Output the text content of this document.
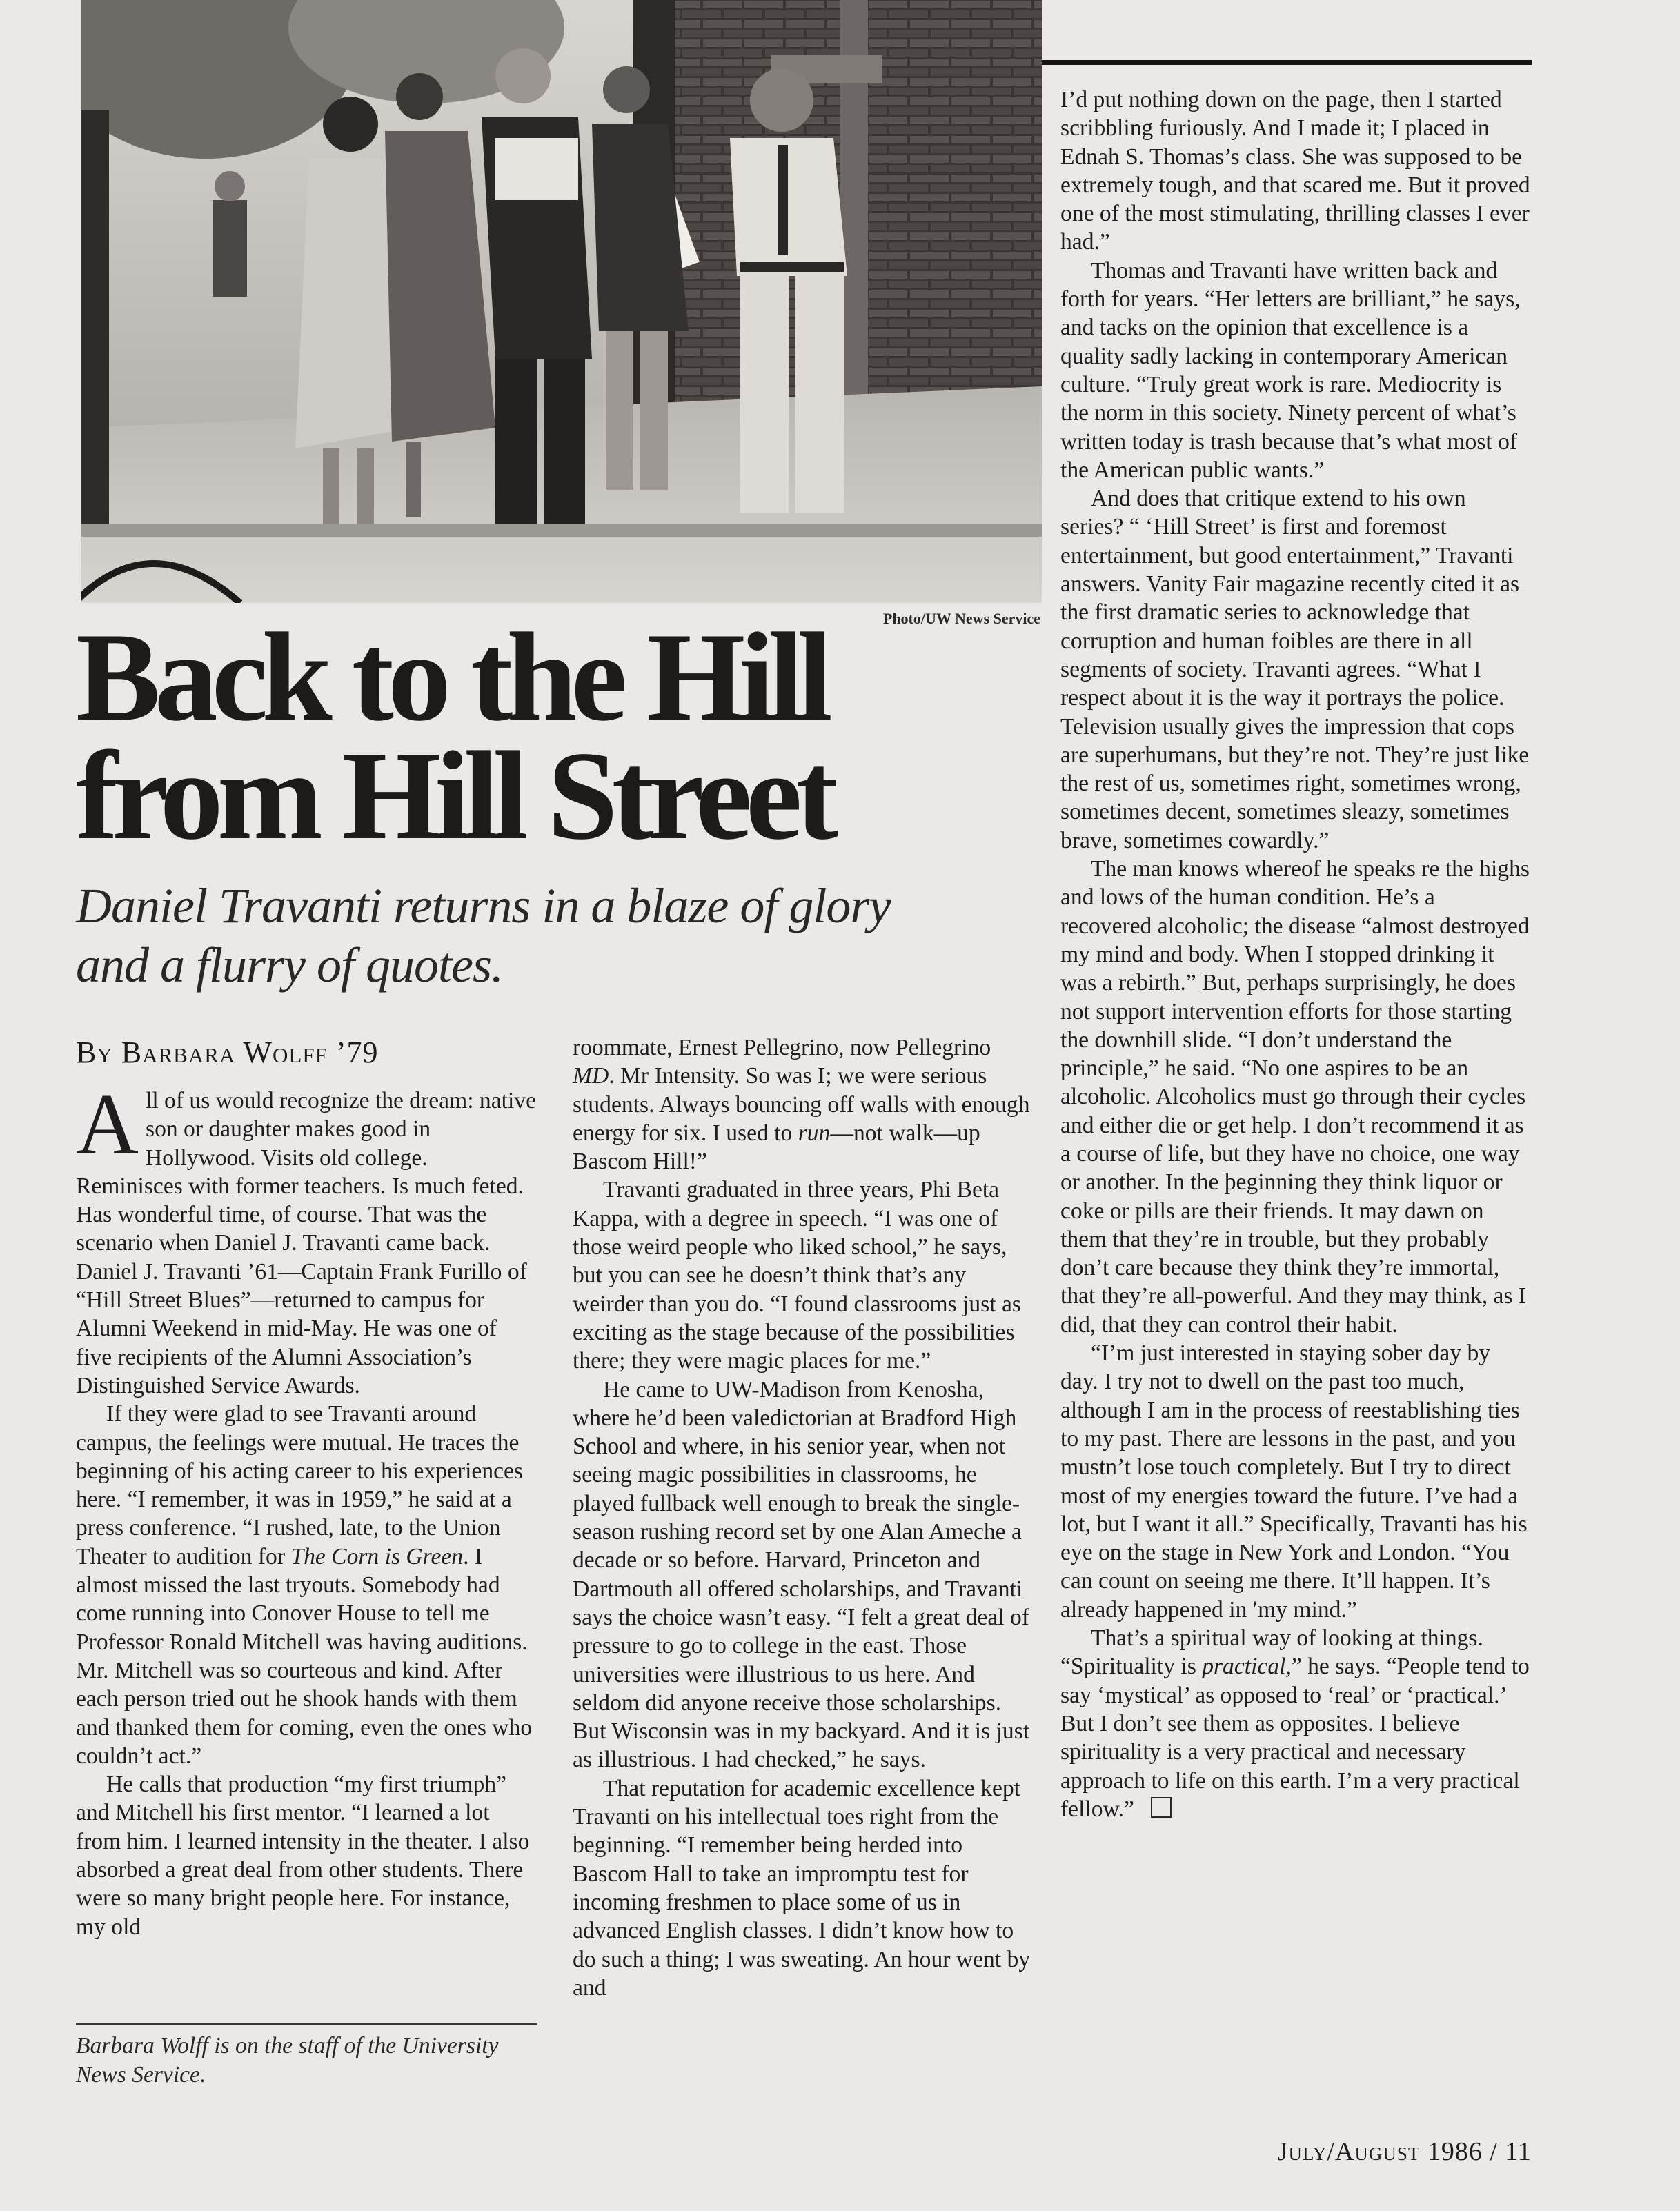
Photo/UW News Service
Back to the Hill
from Hill Street
Daniel Travanti returns in a blaze of glory
and a flurry of quotes.
By Barbara Wolff ’79

All of us would recognize the dream: native son or daughter makes good in Hollywood. Visits old college. Reminisces with former teachers. Is much feted. Has wonderful time, of course. That was the scenario when Daniel J. Travanti came back. Daniel J. Travanti ’61—Captain Frank Furillo of “Hill Street Blues”—returned to campus for Alumni Weekend in mid-May. He was one of five recipients of the Alumni Association’s Distinguished Service Awards.

If they were glad to see Travanti around campus, the feelings were mutual. He traces the beginning of his acting career to his experiences here. “I remember, it was in 1959,” he said at a press conference. “I rushed, late, to the Union Theater to audition for The Corn is Green. I almost missed the last tryouts. Somebody had come running into Conover House to tell me Professor Ronald Mitchell was having auditions. Mr. Mitchell was so courteous and kind. After each person tried out he shook hands with them and thanked them for coming, even the ones who couldn’t act.”

He calls that production “my first triumph” and Mitchell his first mentor. “I learned a lot from him. I learned intensity in the theater. I also absorbed a great deal from other students. There were so many bright people here. For instance, my old

Barbara Wolff is on the staff of the University News Service.

roommate, Ernest Pellegrino, now Pellegrino MD. Mr Intensity. So was I; we were serious students. Always bouncing off walls with enough energy for six. I used to run—not walk—up Bascom Hill!”

Travanti graduated in three years, Phi Beta Kappa, with a degree in speech. “I was one of those weird people who liked school,” he says, but you can see he doesn’t think that’s any weirder than you do. “I found classrooms just as exciting as the stage because of the possibilities there; they were magic places for me.”

He came to UW-Madison from Kenosha, where he’d been valedictorian at Bradford High School and where, in his senior year, when not seeing magic possibilities in classrooms, he played fullback well enough to break the single-season rushing record set by one Alan Ameche a decade or so before. Harvard, Princeton and Dartmouth all offered scholarships, and Travanti says the choice wasn’t easy. “I felt a great deal of pressure to go to college in the east. Those universities were illustrious to us here. And seldom did anyone receive those scholarships. But Wisconsin was in my backyard. And it is just as illustrious. I had checked,” he says.

That reputation for academic excellence kept Travanti on his intellectual toes right from the beginning. “I remember being herded into Bascom Hall to take an impromptu test for incoming freshmen to place some of us in advanced English classes. I didn’t know how to do such a thing; I was sweating. An hour went by and

I’d put nothing down on the page, then I started scribbling furiously. And I made it; I placed in Ednah S. Thomas’s class. She was supposed to be extremely tough, and that scared me. But it proved one of the most stimulating, thrilling classes I ever had.”

Thomas and Travanti have written back and forth for years. “Her letters are brilliant,” he says, and tacks on the opinion that excellence is a quality sadly lacking in contemporary American culture. “Truly great work is rare. Mediocrity is the norm in this society. Ninety percent of what’s written today is trash because that’s what most of the American public wants.”

And does that critique extend to his own series? “ ‘Hill Street’ is first and foremost entertainment, but good entertainment,” Travanti answers. Vanity Fair magazine recently cited it as the first dramatic series to acknowledge that corruption and human foibles are there in all segments of society. Travanti agrees. “What I respect about it is the way it portrays the police. Television usually gives the impression that cops are superhumans, but they’re not. They’re just like the rest of us, sometimes right, sometimes wrong, sometimes decent, sometimes sleazy, sometimes brave, sometimes cowardly.”

The man knows whereof he speaks re the highs and lows of the human condition. He’s a recovered alcoholic; the disease “almost destroyed my mind and body. When I stopped drinking it was a rebirth.” But, perhaps surprisingly, he does not support intervention efforts for those starting the downhill slide. “I don’t understand the principle,” he said. “No one aspires to be an alcoholic. Alcoholics must go through their cycles and either die or get help. I don’t recommend it as a course of life, but they have no choice, one way or another. In the þeginning they think liquor or coke or pills are their friends. It may dawn on them that they’re in trouble, but they probably don’t care because they think they’re immortal, that they’re all-powerful. And they may think, as I did, that they can control their habit.

“I’m just interested in staying sober day by day. I try not to dwell on the past too much, although I am in the process of reestablishing ties to my past. There are lessons in the past, and you mustn’t lose touch completely. But I try to direct most of my energies toward the future. I’ve had a lot, but I want it all.” Specifically, Travanti has his eye on the stage in New York and London. “You can count on seeing me there. It’ll happen. It’s already happened in ʹmy mind.”

That’s a spiritual way of looking at things. “Spirituality is practical,” he says. “People tend to say ‘mystical’ as opposed to ‘real’ or ‘practical.’ But I don’t see them as opposites. I believe spirituality is a very practical and necessary approach to life on this earth. I’m a very practical fellow.”

July/August 1986 / 11
